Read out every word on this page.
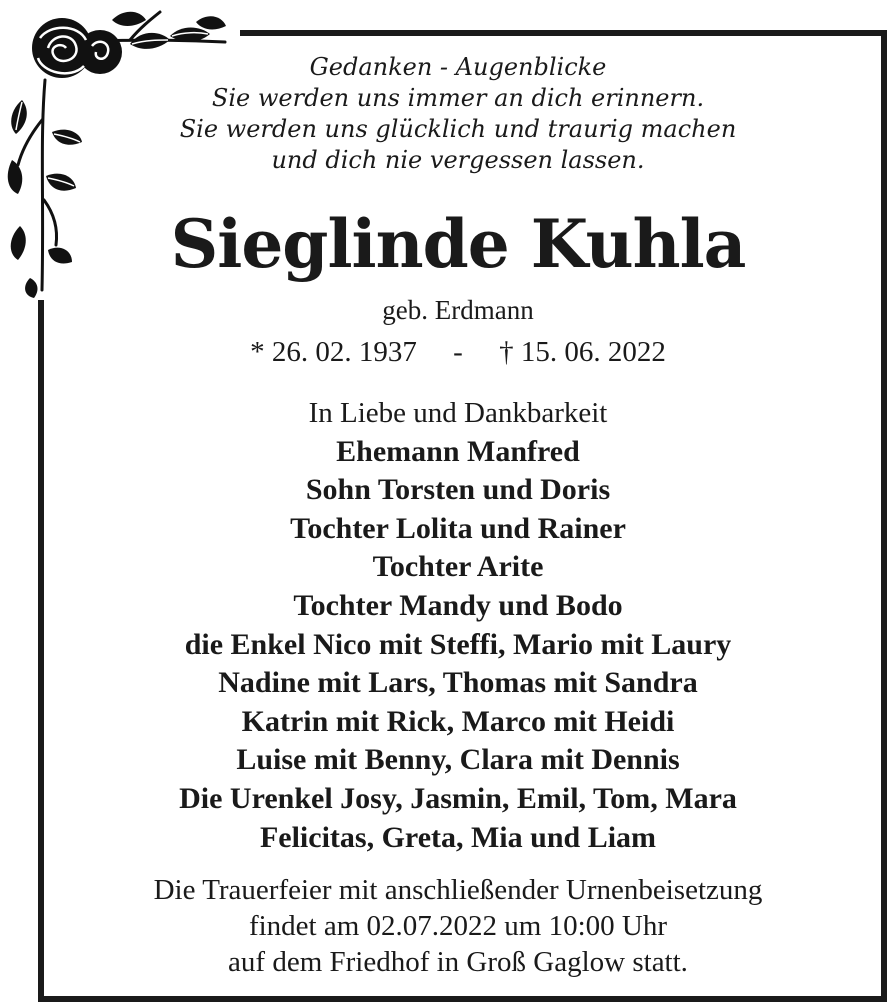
Gedanken - Augenblicke
Sie werden uns immer an dich erinnern.
Sie werden uns glücklich und traurig machen
und dich nie vergessen lassen.
Sieglinde Kuhla
geb. Erdmann
* 26. 02. 1937 - † 15. 06. 2022
In Liebe und Dankbarkeit
Ehemann Manfred
Sohn Torsten und Doris
Tochter Lolita und Rainer
Tochter Arite
Tochter Mandy und Bodo
die Enkel Nico mit Steffi, Mario mit Laury
Nadine mit Lars, Thomas mit Sandra
Katrin mit Rick, Marco mit Heidi
Luise mit Benny, Clara mit Dennis
Die Urenkel Josy, Jasmin, Emil, Tom, Mara
Felicitas, Greta, Mia und Liam
Die Trauerfeier mit anschließender Urnenbeisetzung
findet am 02.07.2022 um 10:00 Uhr
auf dem Friedhof in Groß Gaglow statt.
